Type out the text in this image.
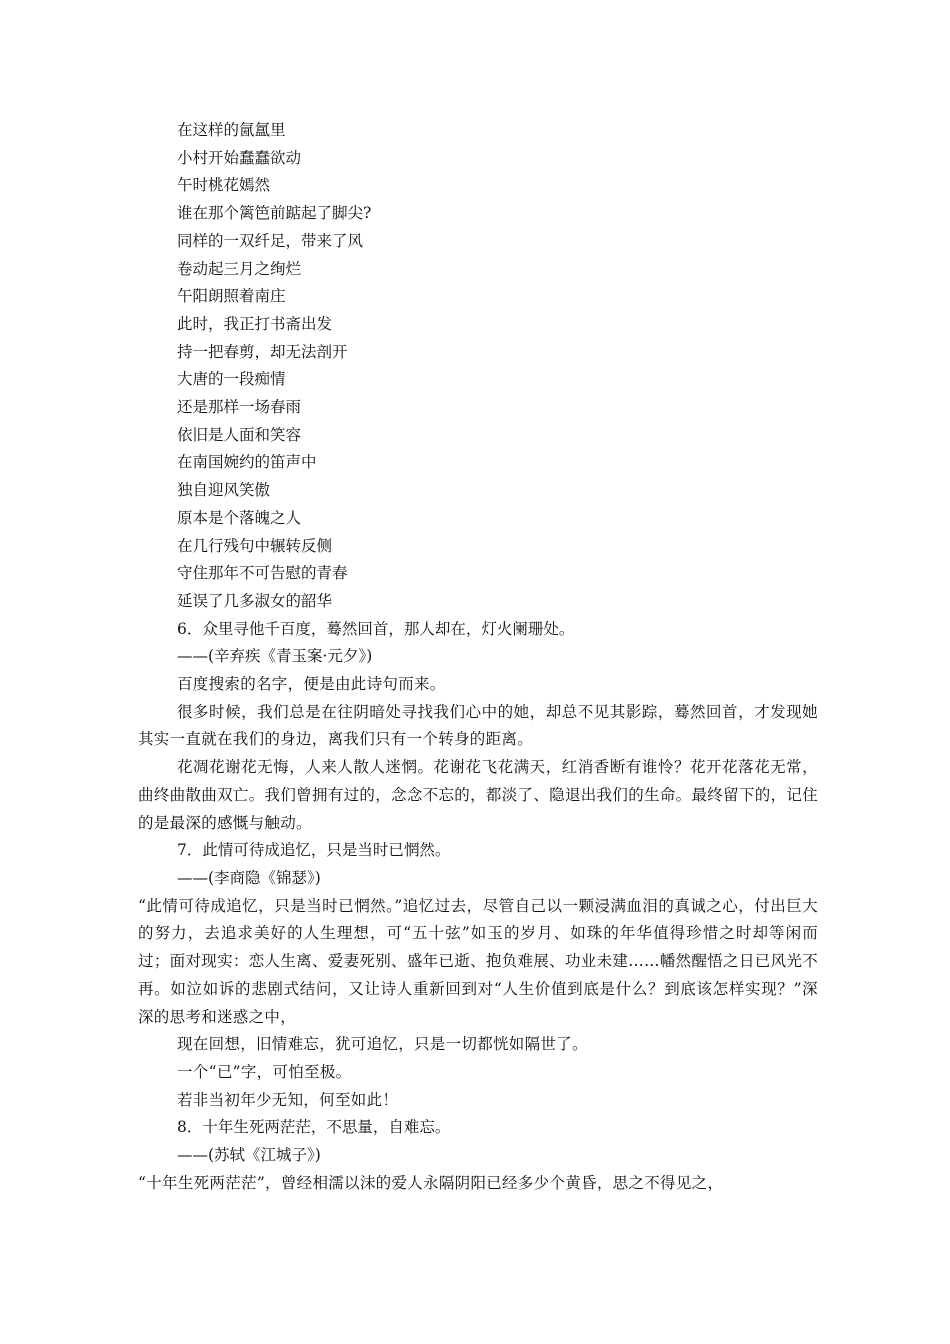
在这样的氤氲里

小村开始蠢蠢欲动

午时桃花嫣然

谁在那个篱笆前踮起了脚尖?

同样的一双纤足，带来了风

卷动起三月之绚烂

午阳朗照着南庄

此时，我正打书斋出发

持一把春剪，却无法剖开

大唐的一段痴情

还是那样一场春雨

依旧是人面和笑容

在南国婉约的笛声中

独自迎风笑傲

原本是个落魄之人

在几行残句中辗转反侧

守住那年不可告慰的青春

延误了几多淑女的韶华

6．众里寻他千百度，蓦然回首，那人却在，灯火阑珊处。

——(辛弃疾《青玉案·元夕》)

百度搜索的名字，便是由此诗句而来。

很多时候，我们总是在往阴暗处寻找我们心中的她，却总不见其影踪，蓦然回首，才发现她其实一直就在我们的身边，离我们只有一个转身的距离。

花凋花谢花无悔，人来人散人迷惘。花谢花飞花满天，红消香断有谁怜？花开花落花无常，曲终曲散曲双亡。我们曾拥有过的，念念不忘的，都淡了、隐退出我们的生命。最终留下的，记住的是最深的感慨与触动。

7．此情可待成追忆，只是当时已惘然。

——(李商隐《锦瑟》)

“此情可待成追忆，只是当时已惘然。”追忆过去，尽管自己以一颗浸满血泪的真诚之心，付出巨大的努力，去追求美好的人生理想，可“五十弦”如玉的岁月、如珠的年华值得珍惜之时却等闲而过；面对现实：恋人生离、爱妻死别、盛年已逝、抱负难展、功业未建……幡然醒悟之日已风光不再。如泣如诉的悲剧式结问，又让诗人重新回到对“人生价值到底是什么？到底该怎样实现？”深深的思考和迷惑之中，

现在回想，旧情难忘，犹可追忆，只是一切都恍如隔世了。

一个“已”字，可怕至极。

若非当初年少无知，何至如此！

8．十年生死两茫茫，不思量，自难忘。

——(苏轼《江城子》)

“十年生死两茫茫”，曾经相濡以沫的爱人永隔阴阳已经多少个黄昏，思之不得见之，
